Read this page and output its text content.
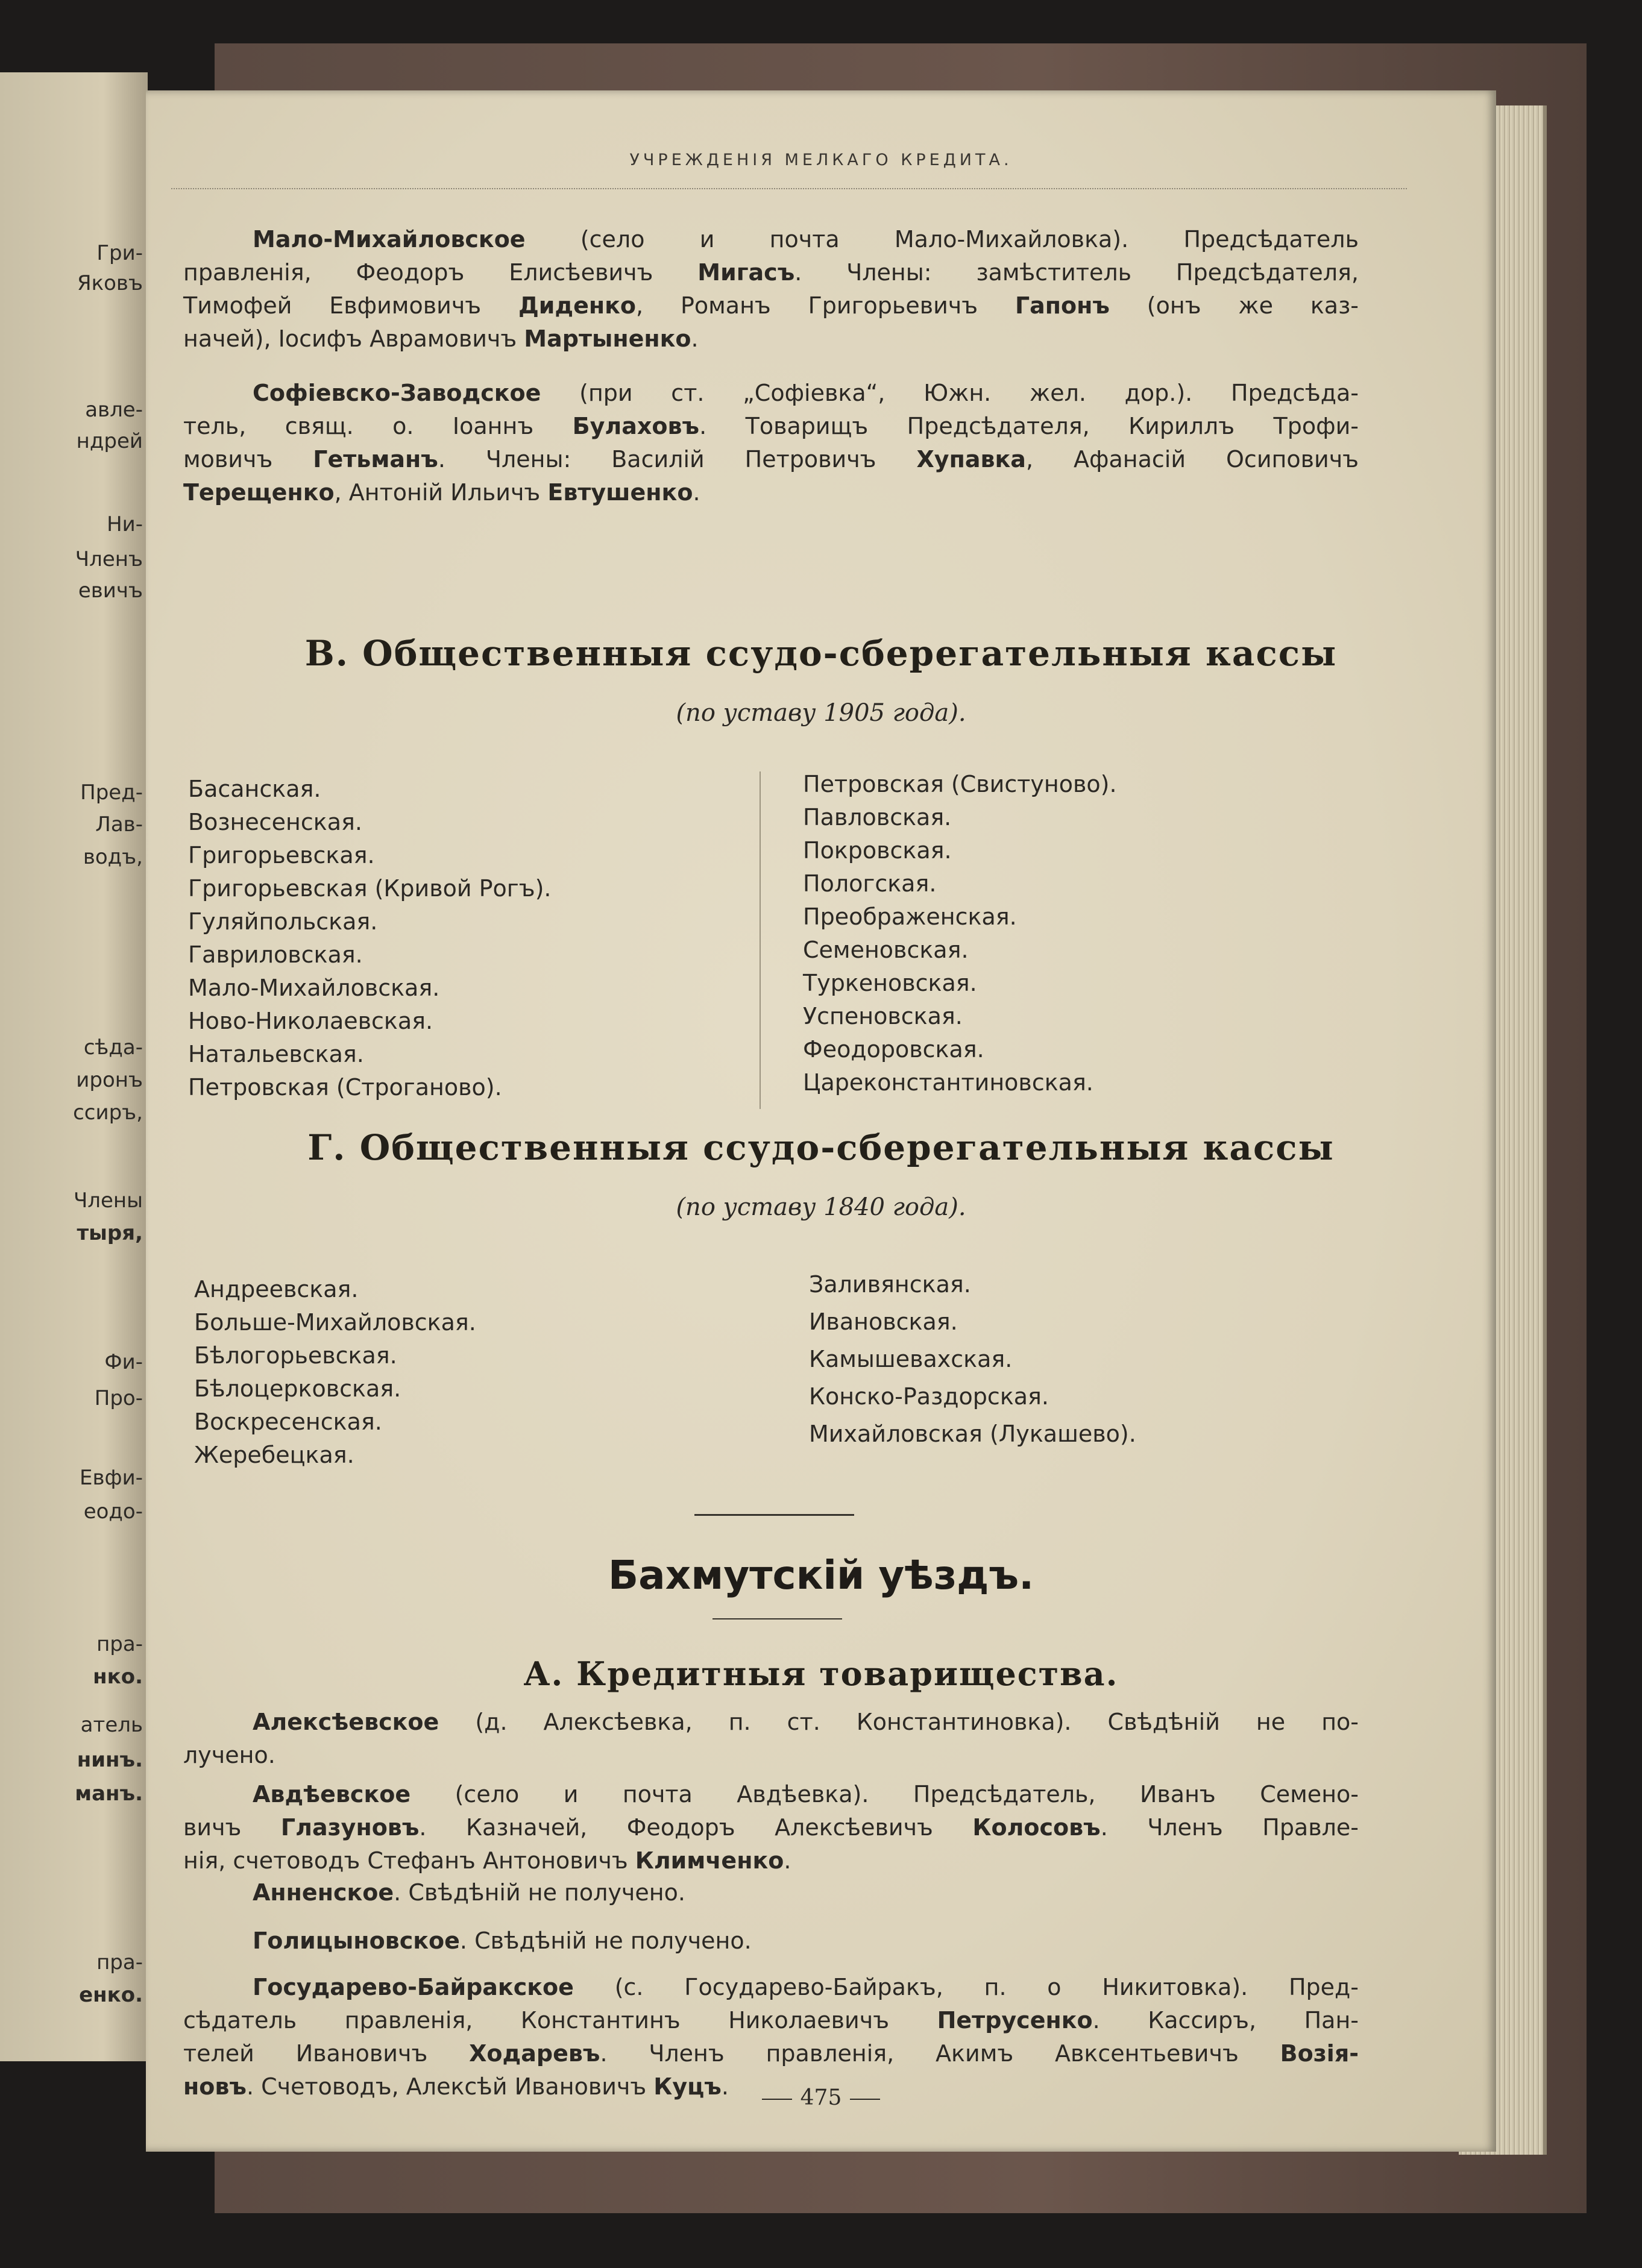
Гри-
Яковъ
авле-
ндрей
Ни-
Членъ
евичъ
Пред-
Лав-
водъ,
сѣда-
иронъ
ссиръ,
Члены
тыря,
Фи-
Про-
Евфи-
еодо-
пра-
нко.
атель
нинъ.
манъ.
пра-
енко.
УЧРЕЖДЕНІЯ МЕЛКАГО КРЕДИТА.
Мало-Михайловское (село и почта Мало-Михайловка). Предсѣдатель
правленія, Феодоръ Елисѣевичъ Мигасъ. Члены: замѣститель Предсѣдателя,
Тимофей Евфимовичъ Диденко, Романъ Григорьевичъ Гапонъ (онъ же каз-
начей), Іосифъ Аврамовичъ Мартыненко.
Софіевско-Заводское (при ст. „Софіевка“, Южн. жел. дор.). Предсѣда-
тель, свящ. о. Іоаннъ Булаховъ. Товарищъ Предсѣдателя, Кириллъ Трофи-
мовичъ Гетьманъ. Члены: Василій Петровичъ Хупавка, Афанасій Осиповичъ
Терещенко, Антоній Ильичъ Евтушенко.
В. Общественныя ссудо-сберегательныя кассы
(по уставу 1905 года).
Басанская.
Вознесенская.
Григорьевская.
Григорьевская (Кривой Рогъ).
Гуляйпольская.
Гавриловская.
Мало-Михайловская.
Ново-Николаевская.
Натальевская.
Петровская (Строганово).
Петровская (Свистуново).
Павловская.
Покровская.
Пологская.
Преображенская.
Семеновская.
Туркеновская.
Успеновская.
Феодоровская.
Цареконстантиновская.
Г. Общественныя ссудо-сберегательныя кассы
(по уставу 1840 года).
Андреевская.
Больше-Михайловская.
Бѣлогорьевская.
Бѣлоцерковская.
Воскресенская.
Жеребецкая.
Заливянская.
Ивановская.
Камышевахская.
Конско-Раздорская.
Михайловская (Лукашево).
Бахмутскій уѣздъ.
А. Кредитныя товарищества.
Алексѣевское (д. Алексѣевка, п. ст. Константиновка). Свѣдѣній не по-
лучено.
Авдѣевское (село и почта Авдѣевка). Предсѣдатель, Иванъ Семено-
вичъ Глазуновъ. Казначей, Феодоръ Алексѣевичъ Колосовъ. Членъ Правле-
нія, счетоводъ Стефанъ Антоновичъ Климченко.
Анненское. Свѣдѣній не получено.
Голицыновское. Свѣдѣній не получено.
Государево-Байракское (с. Государево-Байракъ, п. о Никитовка). Пред-
сѣдатель правленія, Константинъ Николаевичъ Петрусенко. Кассиръ, Пан-
телей Ивановичъ Ходаревъ. Членъ правленія, Акимъ Авксентьевичъ Возія-
новъ. Счетоводъ, Алексѣй Ивановичъ Куцъ.	475
